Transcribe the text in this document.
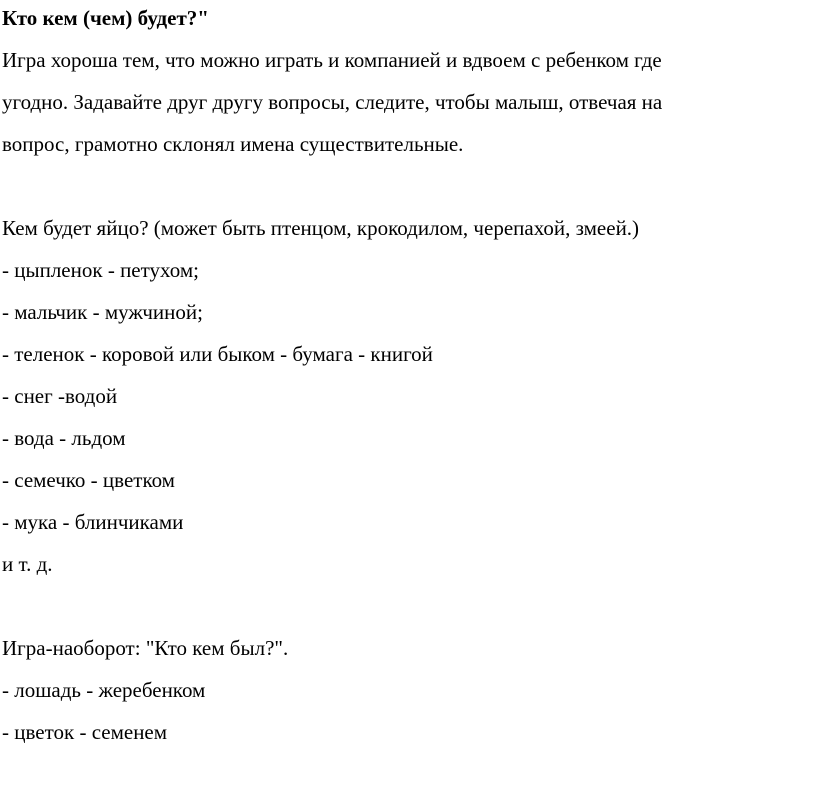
Кто кем (чем) будет?"

Игра хороша тем, что можно играть и компанией и вдвоем с ребенком где
угодно. Задавайте друг другу вопросы, следите, чтобы малыш, отвечая на
вопрос, грамотно склонял имена существительные.

Кем будет яйцо? (может быть птенцом, крокодилом, черепахой, змеей.)
- цыпленок - петухом;
- мальчик - мужчиной;
- теленок - коровой или быком - бумага - книгой
- снег -водой
- вода - льдом
- семечко - цветком
- мука - блинчиками
и т. д.
Игра-наоборот: "Кто кем был?".
- лошадь - жеребенком
- цветок - семенем
